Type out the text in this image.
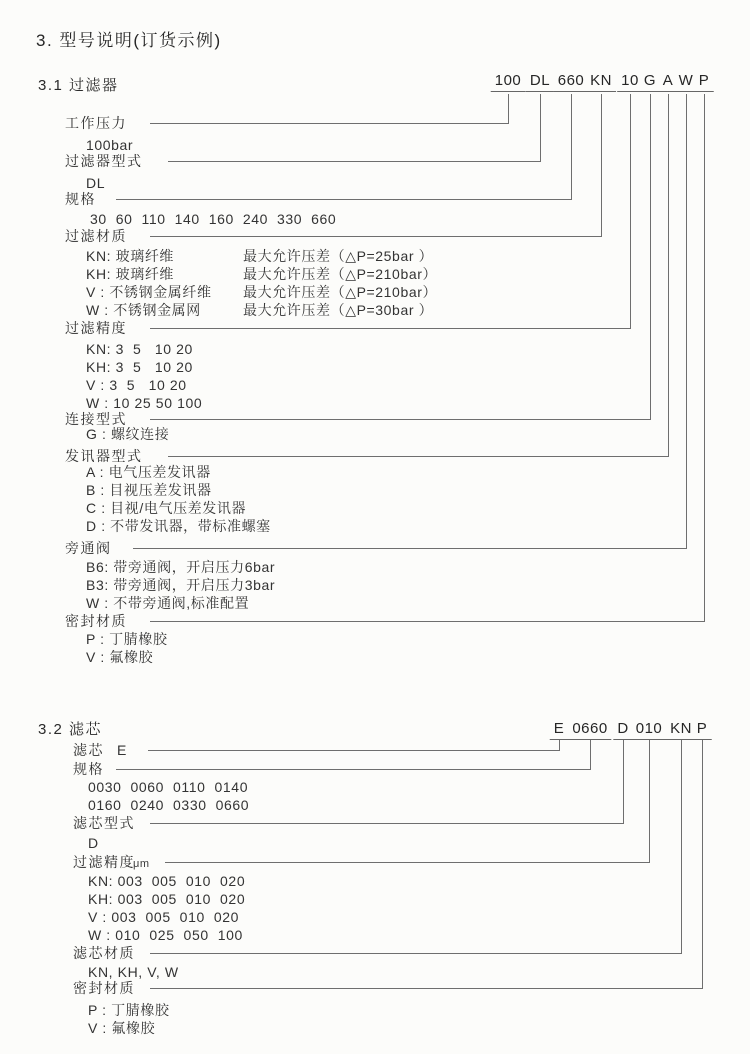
3. 型号说明(订货示例)
3.1 过滤器	100 DL 660 KN 10 G A W P
工作压力
100bar
过滤器型式
DL
规格
30  60  110  140  160  240  330  660
过滤材质
KN: 玻璃纤维	最大允许压差（△P=25bar ）
KH: 玻璃纤维	最大允许压差（△P=210bar）
V : 不锈钢金属纤维 最大允许压差（△P=210bar）
W : 不锈钢金属网	最大允许压差（△P=30bar ）
过滤精度
KN: 3  5   10 20
KH: 3  5   10 20
V : 3  5   10 20
W : 10 25 50 100
连接型式
G : 螺纹连接
发讯器型式
A : 电气压差发讯器
B : 目视压差发讯器
C : 目视/电气压差发讯器
D : 不带发讯器，带标准螺塞
旁通阀
B6: 带旁通阀，开启压力6bar
B3: 带旁通阀，开启压力3bar
W : 不带旁通阀,标准配置
密封材质
P : 丁腈橡胶
V : 氟橡胶
3.2 滤芯	E 0660 D 010 KN P
滤芯 E
规格
0030  0060  0110  0140
0160  0240  0330  0660
滤芯型式
D
过滤精度
μm
KN: 003  005  010  020
KH: 003  005  010  020
V : 003  005  010  020
W : 010  025  050  100
滤芯材质
KN, KH, V, W
密封材质
P : 丁腈橡胶
V : 氟橡胶
